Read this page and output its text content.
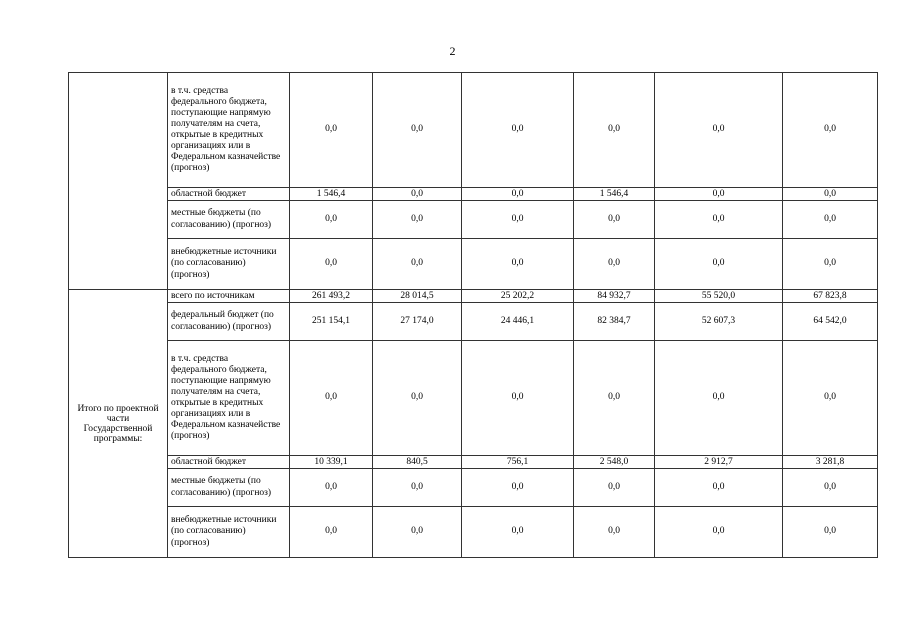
2
	в т.ч. средства федерального бюджета, поступающие напрямую получателям на счета, открытые в кредитных организациях или в Федеральном казначействе (прогноз)	0,0	0,0	0,0	0,0	0,0	0,0
	областной бюджет	1 546,4	0,0	0,0	1 546,4	0,0	0,0
	местные бюджеты (по согласованию) (прогноз)	0,0	0,0	0,0	0,0	0,0	0,0
	внебюджетные источники (по согласованию) (прогноз)	0,0	0,0	0,0	0,0	0,0	0,0
Итого по проектной части Государственной программы:	всего по источникам	261 493,2	28 014,5	25 202,2	84 932,7	55 520,0	67 823,8
	федеральный бюджет (по согласованию) (прогноз)	251 154,1	27 174,0	24 446,1	82 384,7	52 607,3	64 542,0
	в т.ч. средства федерального бюджета, поступающие напрямую получателям на счета, открытые в кредитных организациях или в Федеральном казначействе (прогноз)	0,0	0,0	0,0	0,0	0,0	0,0
	областной бюджет	10 339,1	840,5	756,1	2 548,0	2 912,7	3 281,8
	местные бюджеты (по согласованию) (прогноз)	0,0	0,0	0,0	0,0	0,0	0,0
	внебюджетные источники (по согласованию) (прогноз)	0,0	0,0	0,0	0,0	0,0	0,0
